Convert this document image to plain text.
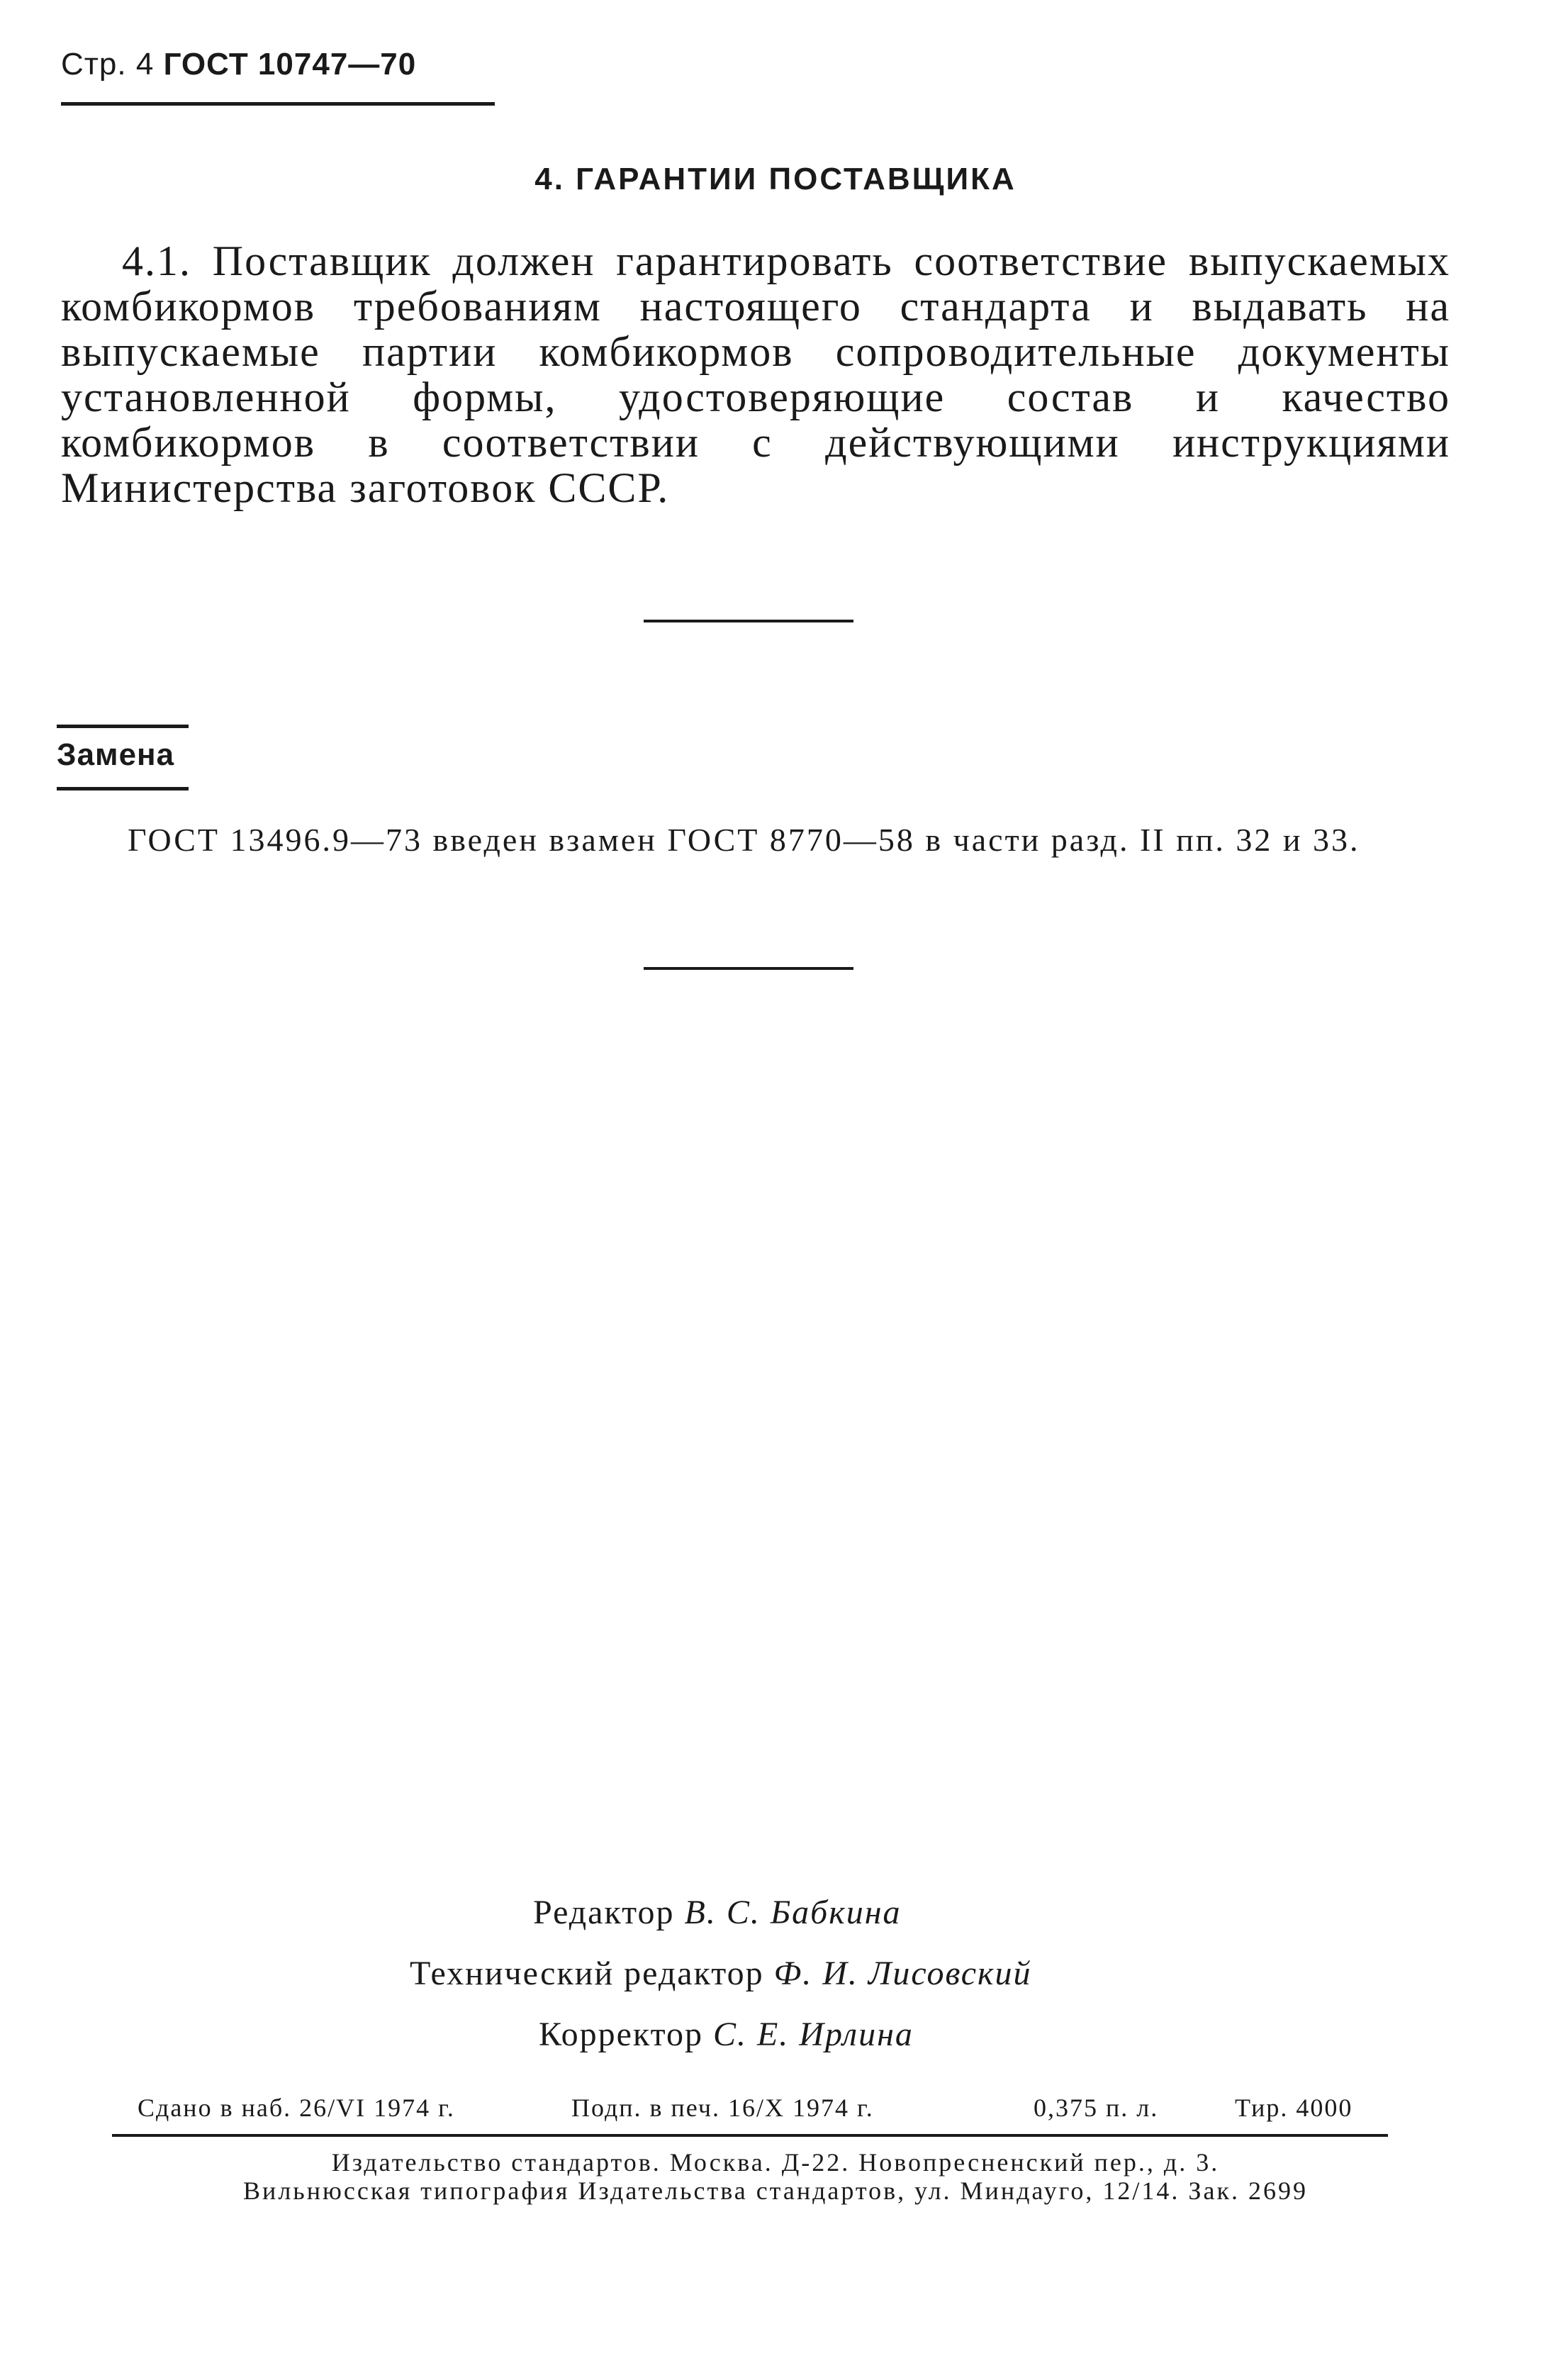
Стр. 4 ГОСТ 10747—70
4. ГАРАНТИИ ПОСТАВЩИКА

4.1. Поставщик должен гарантировать соответствие выпускаемых комбикормов требованиям настоящего стандарта и выдавать на выпускаемые партии комбикормов сопроводительные документы установленной формы, удостоверяющие состав и качество комбикормов в соответствии с действующими инструкциями Министерства заготовок СССР.

Замена

ГОСТ 13496.9—73 введен взамен ГОСТ 8770—58 в части разд. II пп. 32 и 33.

Редактор В. С. Бабкина
Технический редактор Ф. И. Лисовский
Корректор С. Е. Ирлина
Сдано в наб. 26/VI 1974 г.	Подп. в печ. 16/X 1974 г.	0,375 п. л.	Тир. 4000
Издательство стандартов. Москва. Д-22. Новопресненский пер., д. 3.
Вильнюсская типография Издательства стандартов, ул. Миндауго, 12/14. Зак. 2699
